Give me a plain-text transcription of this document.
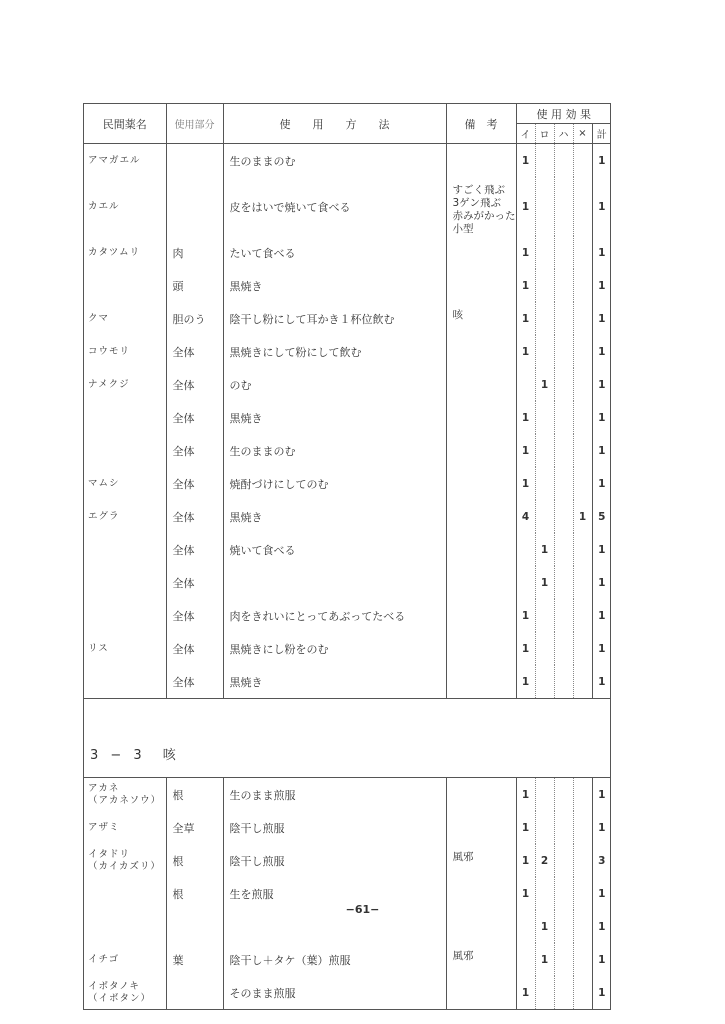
民間薬名	使用部分	使　　用　　方　　法	備　考	使 用 効 果				
				イ	ロ	ハ	×	計
アマガエル		生のままのむ		1				1
カエル		皮をはいで焼いて食べる	すごく飛ぶ
3ゲン飛ぶ
赤みがかった小型	1				1
カタツムリ	肉	たいて食べる		1				1
	頭	黒焼き		1				1
クマ	胆のう	陰干し粉にして耳かき１杯位飲む	咳	1				1
コウモリ	全体	黒焼きにして粉にして飲む		1				1
ナメクジ	全体	のむ			1			1
	全体	黒焼き		1				1
	全体	生のままのむ		1				1
マムシ	全体	焼酎づけにしてのむ		1				1
エグラ	全体	黒焼き		4			1	5
	全体	焼いて食べる			1			1
	全体				1			1
	全体	肉をきれいにとってあぶってたべる		1				1
リス	全体	黒焼きにし粉をのむ		1				1
	全体	黒焼き		1				1
3 − 3　咳								
アカネ
（アカネソウ）	根	生のまま煎服		1				1
アザミ	全草	陰干し煎服		1				1
イタドリ
（カイカズリ）	根	陰干し煎服	風邪	1	2			3
	根	生を煎服		1				1
					1			1
イチゴ	葉	陰干し＋タケ（葉）煎服	風邪		1			1
イボタノキ
（イボタン）		そのまま煎服		1				1
−61−
